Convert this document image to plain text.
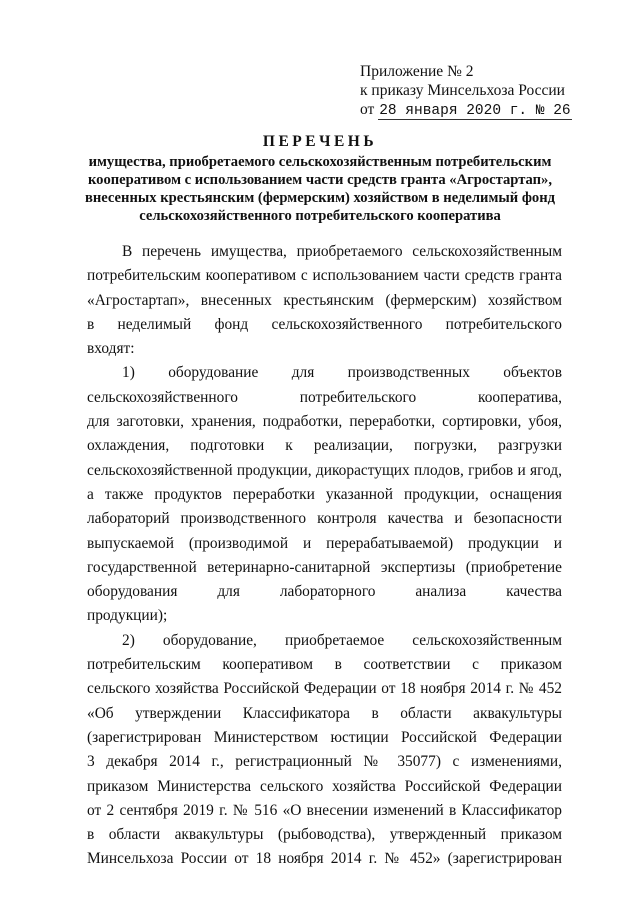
Приложение № 2
к приказу Минсельхоза России
от 28 января 2020 г. № 26
ПЕРЕЧЕНЬ
имущества, приобретаемого сельскохозяйственным потребительским
кооперативом с использованием части средств гранта «Агростартап»,
внесенных крестьянским (фермерским) хозяйством в неделимый фонд
сельскохозяйственного потребительского кооператива
В перечень имущества, приобретаемого сельскохозяйственным
потребительским кооперативом с использованием части средств гранта
«Агростартап», внесенных крестьянским (фермерским) хозяйством
в неделимый фонд сельскохозяйственного потребительского
входят:
1) оборудование для производственных объектов
сельскохозяйственного потребительского кооператива,
для заготовки, хранения, подработки, переработки, сортировки, убоя,
охлаждения, подготовки к реализации, погрузки, разгрузки
сельскохозяйственной продукции, дикорастущих плодов, грибов и ягод,
а также продуктов переработки указанной продукции, оснащения
лабораторий производственного контроля качества и безопасности
выпускаемой (производимой и перерабатываемой) продукции и
государственной ветеринарно-санитарной экспертизы (приобретение
оборудования для лабораторного анализа качества
продукции);
2) оборудование, приобретаемое сельскохозяйственным
потребительским кооперативом в соответствии с приказом
сельского хозяйства Российской Федерации от 18 ноября 2014 г. № 452
«Об утверждении Классификатора в области аквакультуры
(зарегистрирован Министерством юстиции Российской Федерации
3 декабря 2014 г., регистрационный № 35077) с изменениями,
приказом Министерства сельского хозяйства Российской Федерации
от 2 сентября 2019 г. № 516 «О внесении изменений в Классификатор
в области аквакультуры (рыбоводства), утвержденный приказом
Минсельхоза России от 18 ноября 2014 г. № 452» (зарегистрирован
